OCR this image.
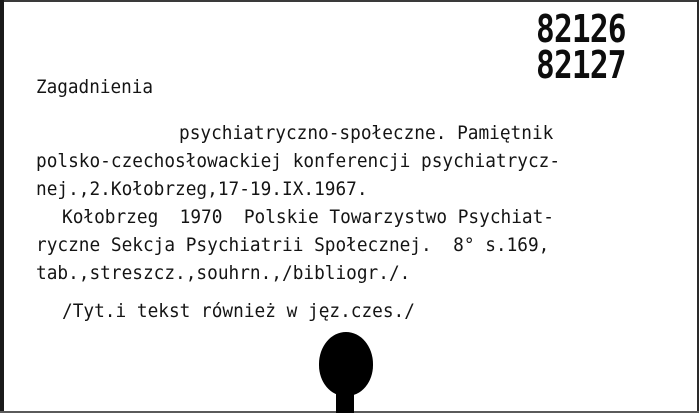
82126
82127
Zagadnienia
psychiatryczno-społeczne. Pamiętnik
polsko-czechosłowackiej konferencji psychiatrycz-
nej.,2.Kołobrzeg,17-19.IX.1967.
Kołobrzeg  1970  Polskie Towarzystwo Psychiat-
ryczne Sekcja Psychiatrii Społecznej.  8° s.169,
tab.,streszcz.,souhrn.,/bibliogr./.
/Tyt.i tekst również w jęz.czes./
